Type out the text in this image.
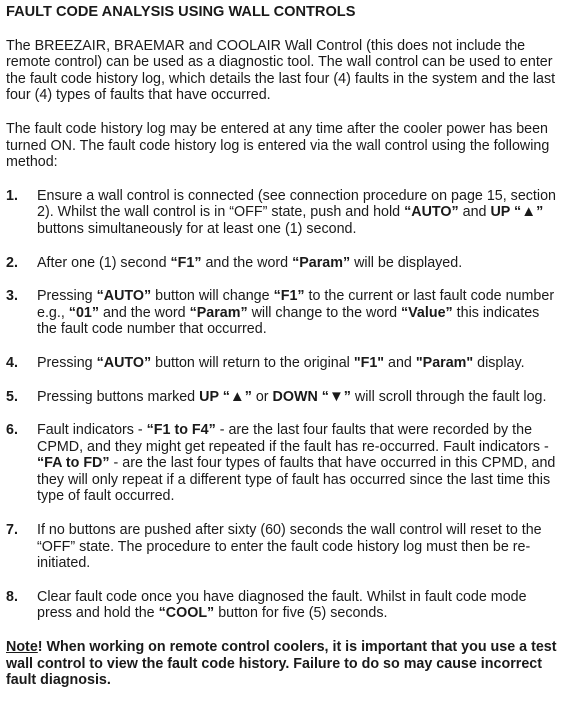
FAULT CODE ANALYSIS USING WALL CONTROLS

The BREEZAIR, BRAEMAR and COOLAIR Wall Control (this does not include the remote control) can be used as a diagnostic tool. The wall control can be used to enter the fault code history log, which details the last four (4) faults in the system and the last four (4) types of faults that have occurred.

The fault code history log may be entered at any time after the cooler power has been turned ON. The fault code history log is entered via the wall control using the following method:

1.	Ensure a wall control is connected (see connection procedure on page 15, section 2). Whilst the wall control is in “OFF” state, push and hold “AUTO” and UP “▲” buttons simultaneously for at least one (1) second.
2.	After one (1) second “F1” and the word “Param” will be displayed.
3.	Pressing “AUTO” button will change “F1” to the current or last fault code number e.g., “01” and the word “Param” will change to the word “Value” this indicates the fault code number that occurred.
4.	Pressing “AUTO” button will return to the original "F1" and "Param" display.
5.	Pressing buttons marked UP “▲” or DOWN “▼” will scroll through the fault log.
6.	Fault indicators - “F1 to F4” - are the last four faults that were recorded by the CPMD, and they might get repeated if the fault has re-occurred. Fault indicators - “FA to FD” - are the last four types of faults that have occurred in this CPMD, and they will only repeat if a different type of fault has occurred since the last time this type of fault occurred.
7.	If no buttons are pushed after sixty (60) seconds the wall control will reset to the “OFF” state. The procedure to enter the fault code history log must then be re-initiated.
8.	Clear fault code once you have diagnosed the fault. Whilst in fault code mode press and hold the “COOL” button for five (5) seconds.

Note! When working on remote control coolers, it is important that you use a test wall control to view the fault code history. Failure to do so may cause incorrect fault diagnosis.
